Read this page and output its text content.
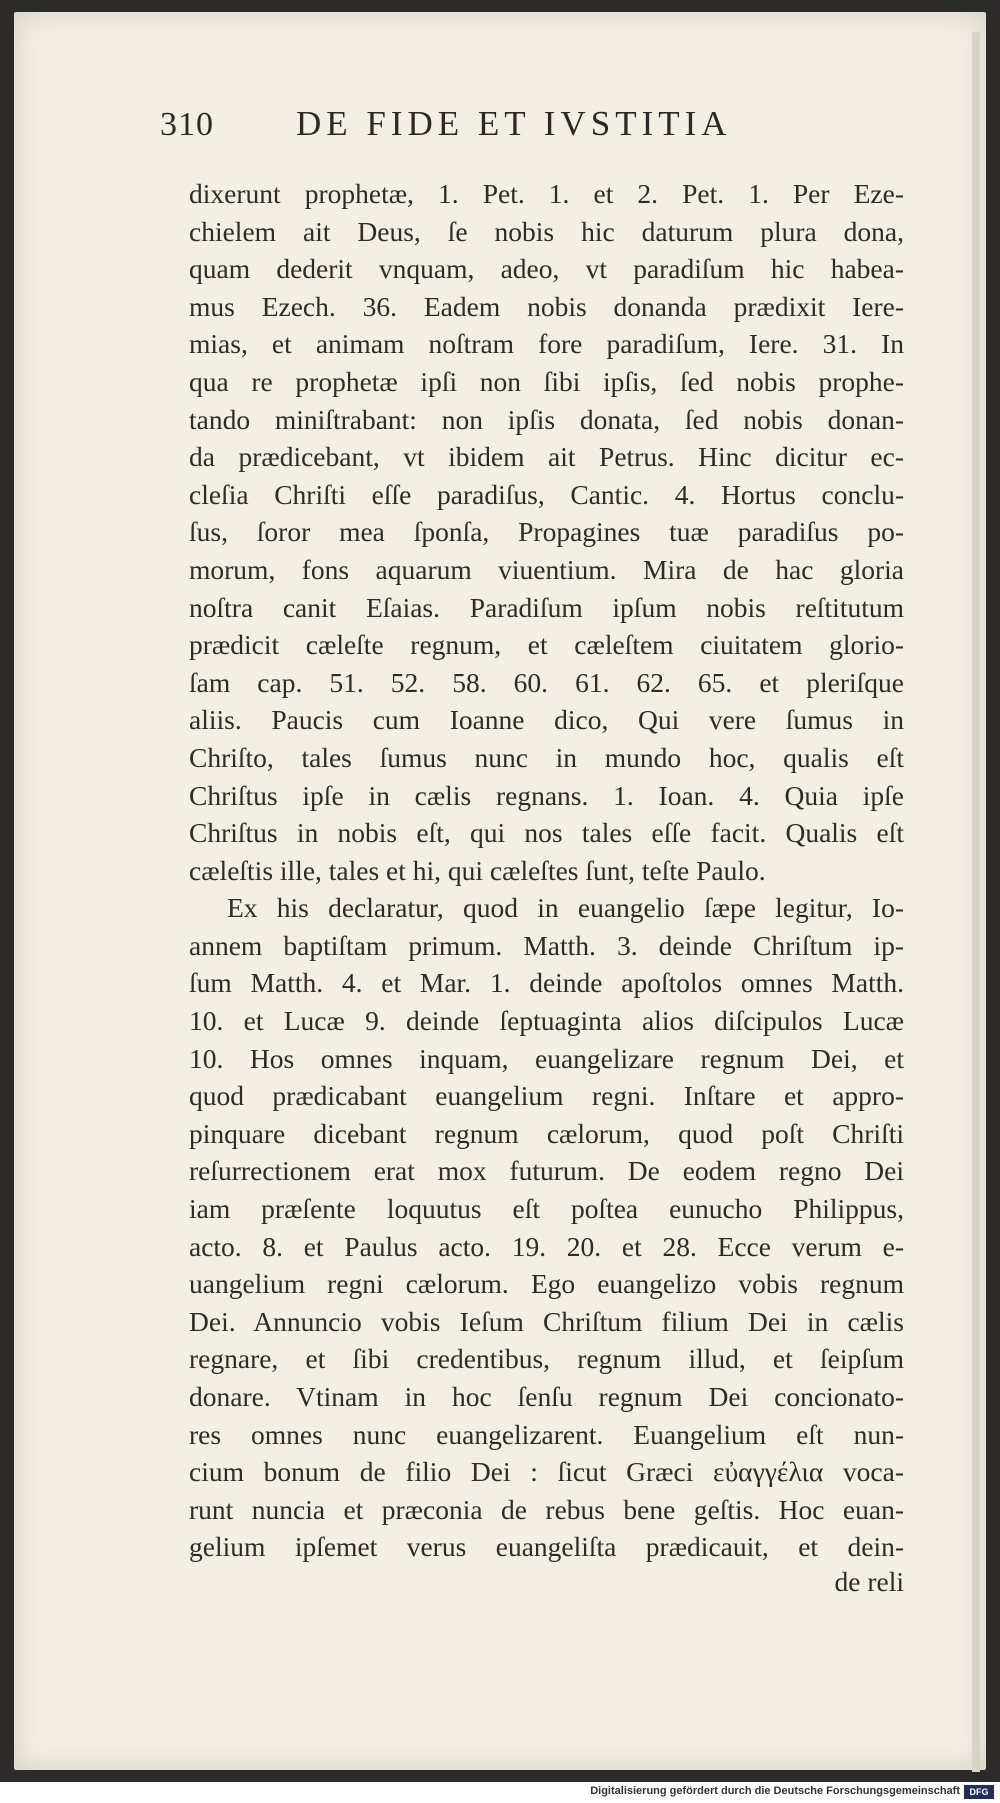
310 DE FIDE ET IVSTITIA
dixerunt prophetæ, 1. Pet. 1. et 2. Pet. 1. Per Eze-
chielem ait Deus, ſe nobis hic daturum plura dona,
quam dederit vnquam, adeo, vt paradiſum hic habea-
mus Ezech. 36. Eadem nobis donanda prædixit Iere-
mias, et animam noſtram fore paradiſum, Iere. 31. In
qua re prophetæ ipſi non ſibi ipſis, ſed nobis prophe-
tando miniſtrabant: non ipſis donata, ſed nobis donan-
da prædicebant, vt ibidem ait Petrus. Hinc dicitur ec-
cleſia Chriſti eſſe paradiſus, Cantic. 4. Hortus conclu-
ſus, ſoror mea ſponſa, Propagines tuæ paradiſus po-
morum, fons aquarum viuentium. Mira de hac gloria
noſtra canit Eſaias. Paradiſum ipſum nobis reſtitutum
prædicit cæleſte regnum, et cæleſtem ciuitatem glorio-
ſam cap. 51. 52. 58. 60. 61. 62. 65. et pleriſque
aliis. Paucis cum Ioanne dico, Qui vere ſumus in
Chriſto, tales ſumus nunc in mundo hoc, qualis eſt
Chriſtus ipſe in cælis regnans. 1. Ioan. 4. Quia ipſe
Chriſtus in nobis eſt, qui nos tales eſſe facit. Qualis eſt
cæleſtis ille, tales et hi, qui cæleſtes ſunt, teſte Paulo.
Ex his declaratur, quod in euangelio ſæpe legitur, Io-
annem baptiſtam primum. Matth. 3. deinde Chriſtum ip-
ſum Matth. 4. et Mar. 1. deinde apoſtolos omnes Matth.
10. et Lucæ 9. deinde ſeptuaginta alios diſcipulos Lucæ
10. Hos omnes inquam, euangelizare regnum Dei, et
quod prædicabant euangelium regni. Inſtare et appro-
pinquare dicebant regnum cælorum, quod poſt Chriſti
reſurrectionem erat mox futurum. De eodem regno Dei
iam præſente loquutus eſt poſtea eunucho Philippus,
acto. 8. et Paulus acto. 19. 20. et 28. Ecce verum e-
uangelium regni cælorum. Ego euangelizo vobis regnum
Dei. Annuncio vobis Ieſum Chriſtum filium Dei in cælis
regnare, et ſibi credentibus, regnum illud, et ſeipſum
donare. Vtinam in hoc ſenſu regnum Dei concionato-
res omnes nunc euangelizarent. Euangelium eſt nun-
cium bonum de filio Dei : ſicut Græci εὐαγγέλια voca-
runt nuncia et præconia de rebus bene geſtis. Hoc euan-
gelium ipſemet verus euangeliſta prædicauit, et dein-
de reli
Digitalisierung gefördert durch die Deutsche Forschungsgemeinschaft	DFG
